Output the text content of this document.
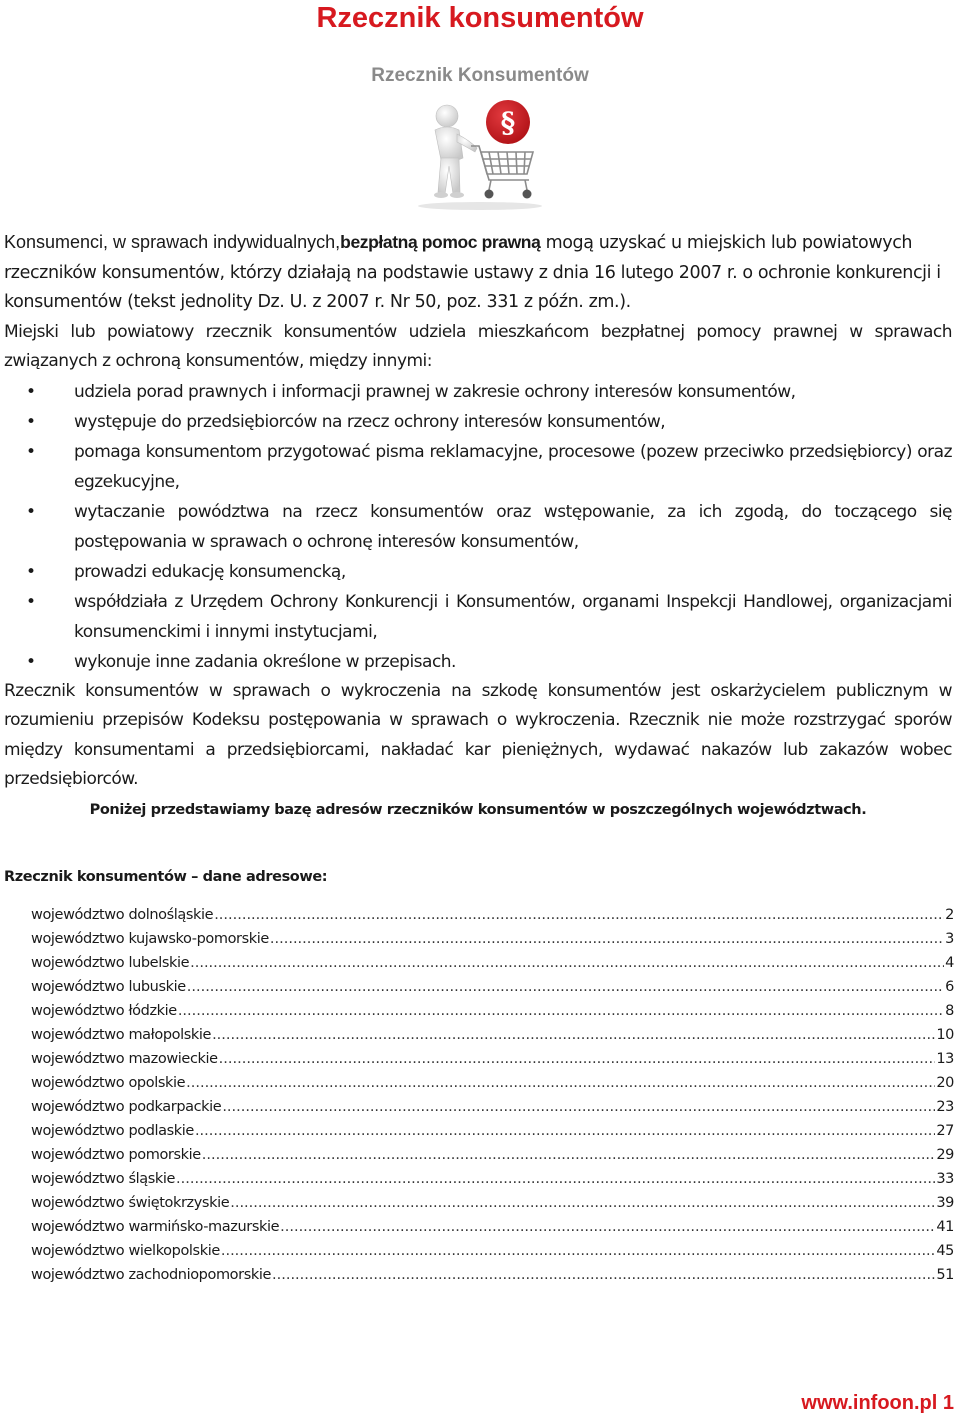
Rzecznik konsumentów
Rzecznik Konsumentów
§

Konsumenci, w sprawach indywidualnych,bezpłatną pomoc prawną mogą uzyskać u miejskich lub powiatowych rzeczników konsumentów, którzy działają na podstawie ustawy z dnia 16 lutego 2007 r. o ochronie konkurencji i konsumentów (tekst jednolity Dz. U. z 2007 r. Nr 50, poz. 331 z późn. zm.).

Miejski lub powiatowy rzecznik konsumentów udziela mieszkańcom bezpłatnej pomocy prawnej w sprawach związanych z ochroną konsumentów, między innymi:

• udziela porad prawnych i informacji prawnej w zakresie ochrony interesów konsumentów,
• występuje do przedsiębiorców na rzecz ochrony interesów konsumentów,
• pomaga konsumentom przygotować pisma reklamacyjne, procesowe (pozew przeciwko przedsiębiorcy) oraz egzekucyjne,
• wytaczanie powództwa na rzecz konsumentów oraz wstępowanie, za ich zgodą, do toczącego się postępowania w sprawach o ochronę interesów konsumentów,
• prowadzi edukację konsumencką,
• współdziała z Urzędem Ochrony Konkurencji i Konsumentów, organami Inspekcji Handlowej, organizacjami konsumenckimi i innymi instytucjami,
• wykonuje inne zadania określone w przepisach.

Rzecznik konsumentów w sprawach o wykroczenia na szkodę konsumentów jest oskarżycielem publicznym w rozumieniu przepisów Kodeksu postępowania w sprawach o wykroczenia. Rzecznik nie może rozstrzygać sporów między konsumentami a przedsiębiorcami, nakładać kar pieniężnych, wydawać nakazów lub zakazów wobec przedsiębiorców.

Poniżej przedstawiamy bazę adresów rzeczników konsumentów w poszczególnych województwach.

Rzecznik konsumentów – dane adresowe:

województwo dolnośląskie .....	2
województwo kujawsko-pomorskie .....	3
województwo lubelskie .....	4
województwo lubuskie .....	6
województwo łódzkie .....	8
województwo małopolskie .....	10
województwo mazowieckie .....	13
województwo opolskie .....	20
województwo podkarpackie .....	23
województwo podlaskie .....	27
województwo pomorskie .....	29
województwo śląskie .....	33
województwo świętokrzyskie .....	39
województwo warmińsko-mazurskie .....	41
województwo wielkopolskie .....	45
województwo zachodniopomorskie .....	51
www.infoon.pl 1
